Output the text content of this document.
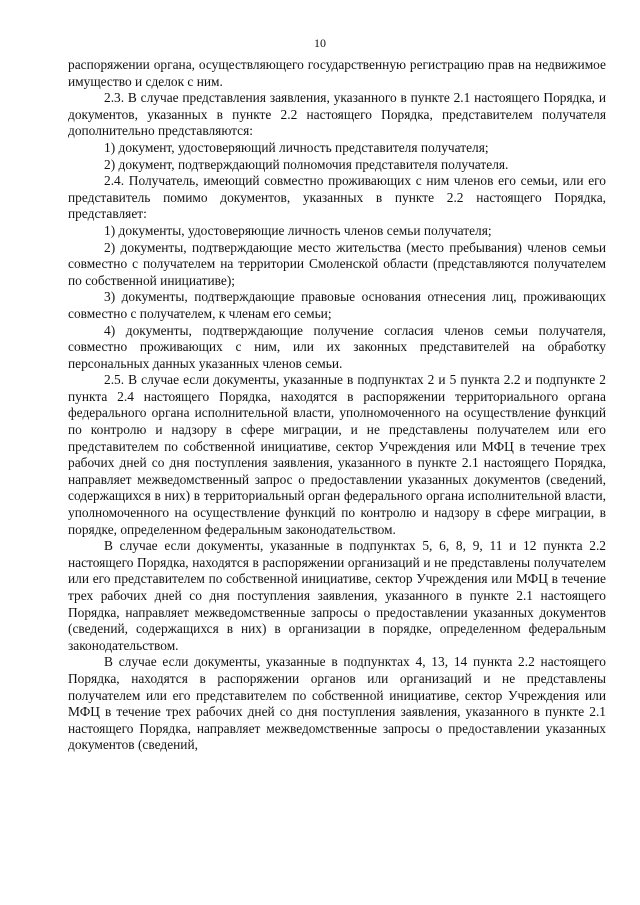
10

распоряжении органа, осуществляющего государственную регистрацию прав на недвижимое имущество и сделок с ним.

2.3. В случае представления заявления, указанного в пункте 2.1 настоящего Порядка, и документов, указанных в пункте 2.2 настоящего Порядка, представителем получателя дополнительно представляются:

1) документ, удостоверяющий личность представителя получателя;

2) документ, подтверждающий полномочия представителя получателя.

2.4. Получатель, имеющий совместно проживающих с ним членов его семьи, или его представитель помимо документов, указанных в пункте 2.2 настоящего Порядка, представляет:

1) документы, удостоверяющие личность членов семьи получателя;

2) документы, подтверждающие место жительства (место пребывания) членов семьи совместно с получателем на территории Смоленской области (представляются получателем по собственной инициативе);

3) документы, подтверждающие правовые основания отнесения лиц, проживающих совместно с получателем, к членам его семьи;

4) документы, подтверждающие получение согласия членов семьи получателя, совместно проживающих с ним, или их законных представителей на обработку персональных данных указанных членов семьи.

2.5. В случае если документы, указанные в подпунктах 2 и 5 пункта 2.2 и подпункте 2 пункта 2.4 настоящего Порядка, находятся в распоряжении территориального органа федерального органа исполнительной власти, уполномоченного на осуществление функций по контролю и надзору в сфере миграции, и не представлены получателем или его представителем по собственной инициативе, сектор Учреждения или МФЦ в течение трех рабочих дней со дня поступления заявления, указанного в пункте 2.1 настоящего Порядка, направляет межведомственный запрос о предоставлении указанных документов (сведений, содержащихся в них) в территориальный орган федерального органа исполнительной власти, уполномоченного на осуществление функций по контролю и надзору в сфере миграции, в порядке, определенном федеральным законодательством.

В случае если документы, указанные в подпунктах 5, 6, 8, 9, 11 и 12 пункта 2.2 настоящего Порядка, находятся в распоряжении организаций и не представлены получателем или его представителем по собственной инициативе, сектор Учреждения или МФЦ в течение трех рабочих дней со дня поступления заявления, указанного в пункте 2.1 настоящего Порядка, направляет межведомственные запросы о предоставлении указанных документов (сведений, содержащихся в них) в организации в порядке, определенном федеральным законодательством.

В случае если документы, указанные в подпунктах 4, 13, 14 пункта 2.2 настоящего Порядка, находятся в распоряжении органов или организаций и не представлены получателем или его представителем по собственной инициативе, сектор Учреждения или МФЦ в течение трех рабочих дней со дня поступления заявления, указанного в пункте 2.1 настоящего Порядка, направляет межведомственные запросы о предоставлении указанных документов (сведений,
